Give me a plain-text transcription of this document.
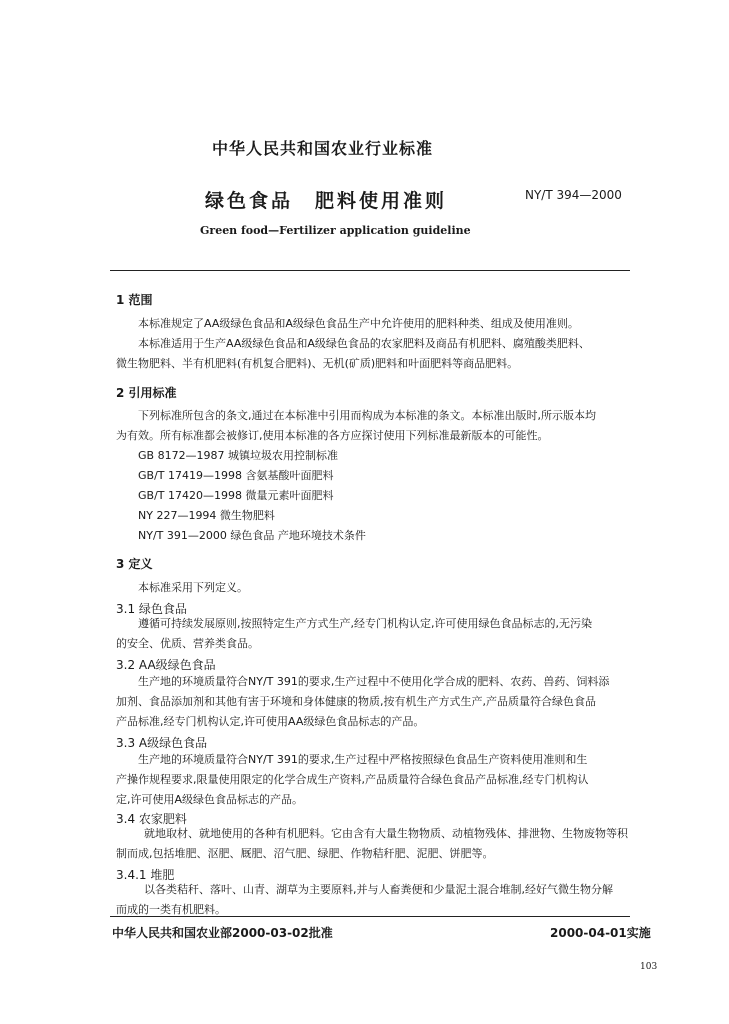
中华人民共和国农业行业标准
绿色食品 肥料使用准则	NY/T 394—2000
Green food—Fertilizer application guideline
1 范围

本标准规定了AA级绿色食品和A级绿色食品生产中允许使用的肥料种类、组成及使用准则。

本标准适用于生产AA级绿色食品和A级绿色食品的农家肥料及商品有机肥料、腐殖酸类肥料、

微生物肥料、半有机肥料(有机复合肥料)、无机(矿质)肥料和叶面肥料等商品肥料。

2 引用标准

下列标准所包含的条文,通过在本标准中引用而构成为本标准的条文。本标准出版时,所示版本均

为有效。所有标准都会被修订,使用本标准的各方应探讨使用下列标准最新版本的可能性。

GB 8172—1987 城镇垃圾农用控制标准

GB/T 17419—1998 含氨基酸叶面肥料

GB/T 17420—1998 微量元素叶面肥料

NY 227—1994 微生物肥料

NY/T 391—2000 绿色食品 产地环境技术条件

3 定义
本标准采用下列定义。
3.1 绿色食品

遵循可持续发展原则,按照特定生产方式生产,经专门机构认定,许可使用绿色食品标志的,无污染

的安全、优质、营养类食品。

3.2 AA级绿色食品

生产地的环境质量符合NY/T 391的要求,生产过程中不使用化学合成的肥料、农药、兽药、饲料添

加剂、食品添加剂和其他有害于环境和身体健康的物质,按有机生产方式生产,产品质量符合绿色食品

产品标准,经专门机构认定,许可使用AA级绿色食品标志的产品。

3.3 A级绿色食品

生产地的环境质量符合NY/T 391的要求,生产过程中严格按照绿色食品生产资料使用准则和生

产操作规程要求,限量使用限定的化学合成生产资料,产品质量符合绿色食品产品标准,经专门机构认

定,许可使用A级绿色食品标志的产品。

3.4 农家肥料

就地取材、就地使用的各种有机肥料。它由含有大量生物物质、动植物残体、排泄物、生物废物等积

制而成,包括堆肥、沤肥、厩肥、沼气肥、绿肥、作物秸秆肥、泥肥、饼肥等。

3.4.1 堆肥

以各类秸秆、落叶、山青、湖草为主要原料,并与人畜粪便和少量泥土混合堆制,经好气微生物分解

而成的一类有机肥料。

中华人民共和国农业部2000-03-02批准	2000-04-01实施
103
